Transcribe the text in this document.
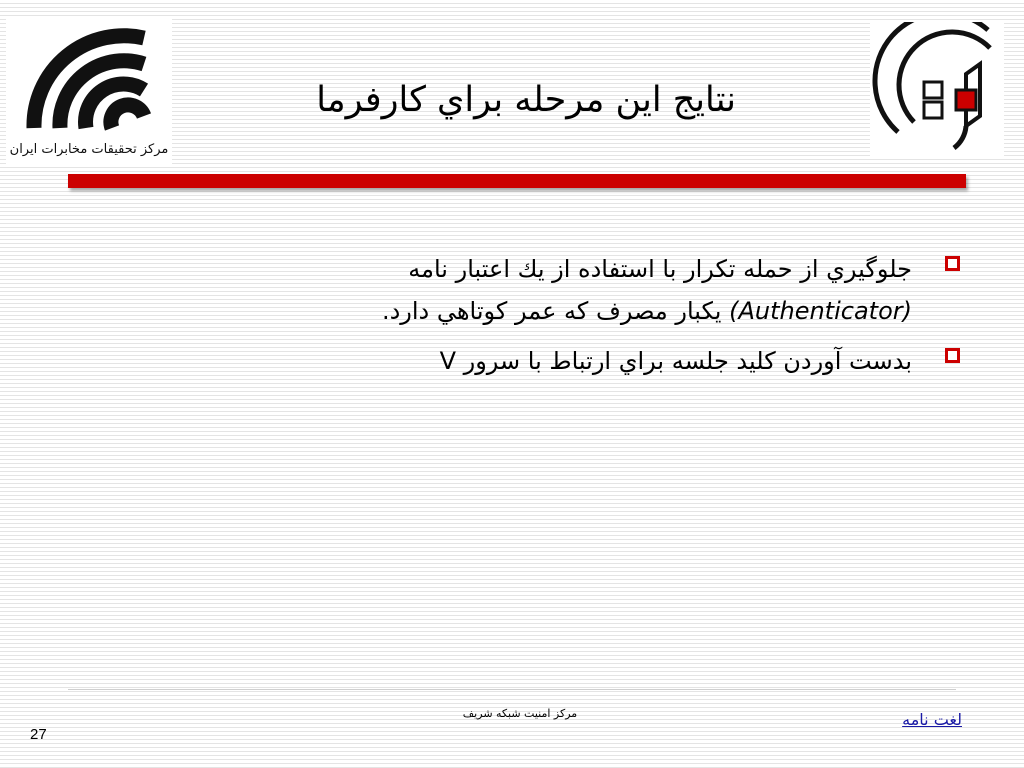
مرکز تحقیقات مخابرات ایران
نتايج اين مرحله براي كارفرما
جلوگيري از حمله تكرار با استفاده از يك اعتبار نامه (Authenticator) يكبار مصرف كه عمر كوتاهي دارد.
بدست آوردن كليد جلسه براي ارتباط با سرور V
مرکز امنیت شبکه شریف	لغت نامه
27
